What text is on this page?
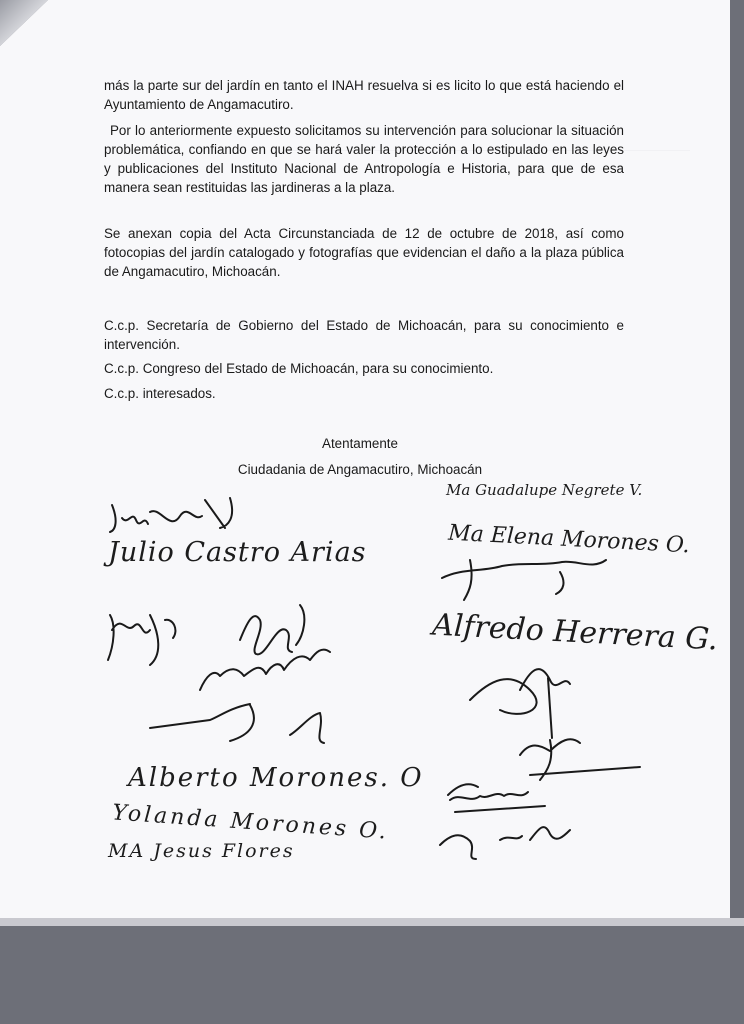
más la parte sur del jardín en tanto el INAH resuelva si es licito lo que está haciendo el Ayuntamiento de Angamacutiro.
Por lo anteriormente expuesto solicitamos su intervención para solucionar la situación problemática, confiando en que se hará valer la protección a lo estipulado en las leyes y publicaciones del Instituto Nacional de Antropología e Historia, para que de esa manera sean restituidas las jardineras a la plaza.
Se anexan copia del Acta Circunstanciada de 12 de octubre de 2018, así como fotocopias del jardín catalogado y fotografías que evidencian el daño a la plaza pública de Angamacutiro, Michoacán.
C.c.p. Secretaría de Gobierno del Estado de Michoacán, para su conocimiento e intervención.
C.c.p. Congreso del Estado de Michoacán, para su conocimiento.
C.c.p. interesados.
Atentamente
Ciudadania de Angamacutiro, Michoacán
Julio Castro Arias
Alberto Morones. O
Yolanda Morones O.
MA Jesus Flores
Ma Guadalupe Negrete V.
Ma Elena Morones O.
Alfredo Herrera G.
